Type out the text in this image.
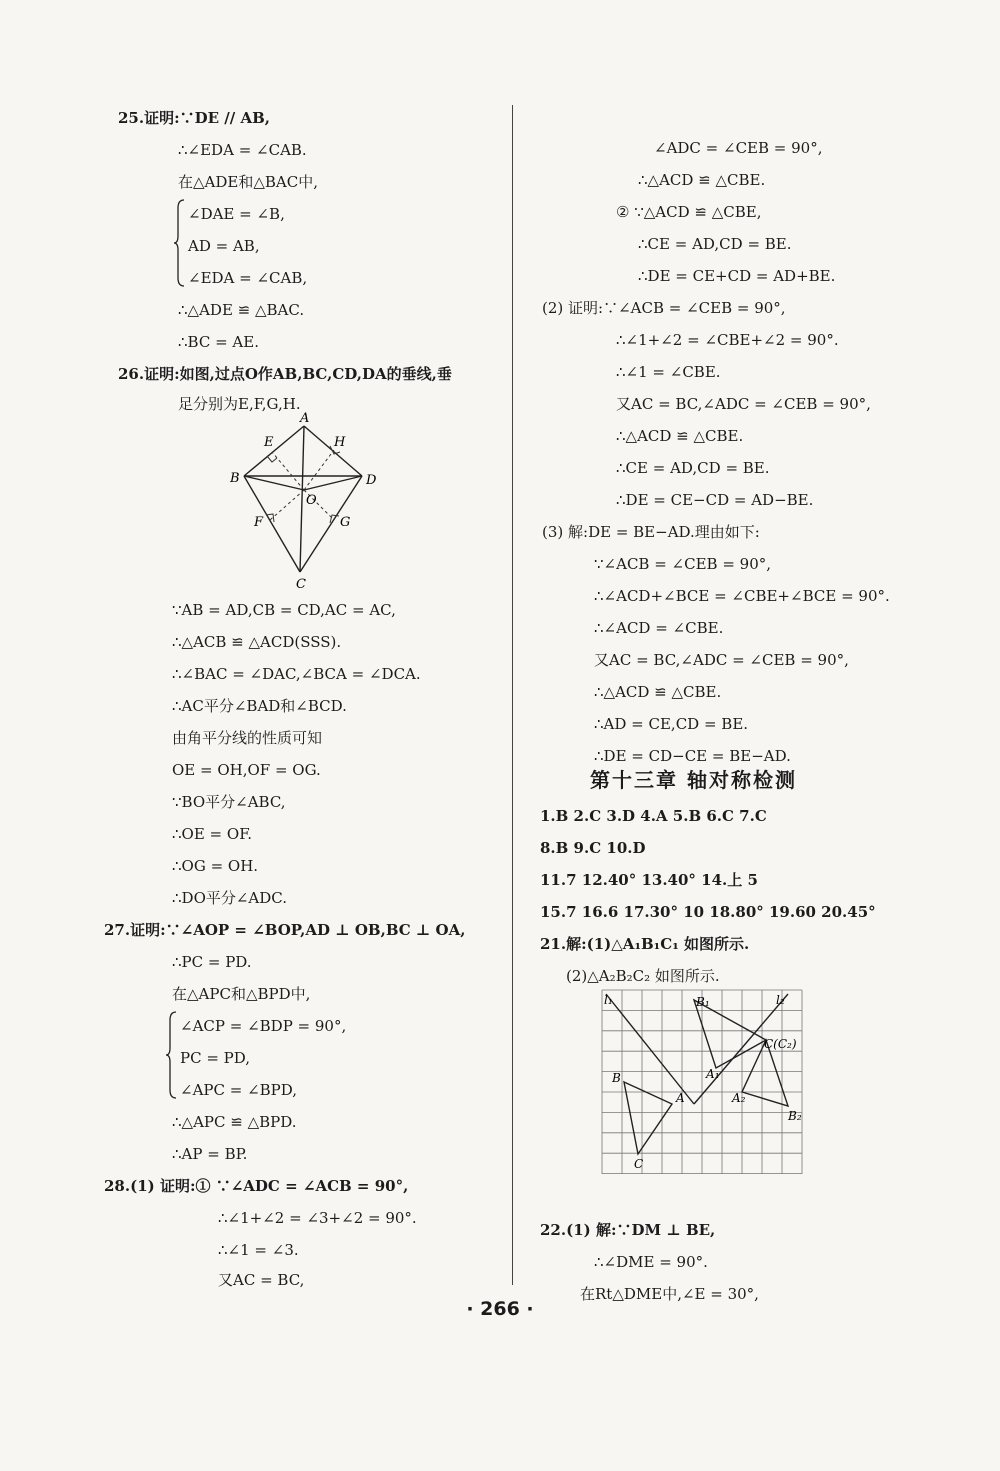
25.证明:∵DE // AB,
∴∠EDA = ∠CAB.
在△ADE和△BAC中,
∠DAE = ∠B,
AD = AB,
∠EDA = ∠CAB,
∴△ADE ≌ △BAC.
∴BC = AE.
26.证明:如图,过点O作AB,BC,CD,DA的垂线,垂
足分别为E,F,G,H.
∵AB = AD,CB = CD,AC = AC,
∴△ACB ≌ △ACD(SSS).
∴∠BAC = ∠DAC,∠BCA = ∠DCA.
∴AC平分∠BAD和∠BCD.
由角平分线的性质可知
OE = OH,OF = OG.
∵BO平分∠ABC,
∴OE = OF.
∴OG = OH.
∴DO平分∠ADC.
27.证明:∵∠AOP = ∠BOP,AD ⊥ OB,BC ⊥ OA,
∴PC = PD.
在△APC和△BPD中,
∠ACP = ∠BDP = 90°,
PC = PD,
∠APC = ∠BPD,
∴△APC ≌ △BPD.
∴AP = BP.
28.(1) 证明:① ∵∠ADC = ∠ACB = 90°,
∴∠1+∠2 = ∠3+∠2 = 90°.
∴∠1 = ∠3.
又AC = BC,
∠ADC = ∠CEB = 90°,
∴△ACD ≌ △CBE.
② ∵△ACD ≌ △CBE,
∴CE = AD,CD = BE.
∴DE = CE+CD = AD+BE.
(2) 证明:∵∠ACB = ∠CEB = 90°,
∴∠1+∠2 = ∠CBE+∠2 = 90°.
∴∠1 = ∠CBE.
又AC = BC,∠ADC = ∠CEB = 90°,
∴△ACD ≌ △CBE.
∴CE = AD,CD = BE.
∴DE = CE−CD = AD−BE.
(3) 解:DE = BE−AD.理由如下:
∵∠ACB = ∠CEB = 90°,
∴∠ACD+∠BCE = ∠CBE+∠BCE = 90°.
∴∠ACD = ∠CBE.
又AC = BC,∠ADC = ∠CEB = 90°,
∴△ACD ≌ △CBE.
∴AD = CE,CD = BE.
∴DE = CD−CE = BE−AD.
1.B 2.C 3.D 4.A 5.B 6.C 7.C
8.B 9.C 10.D
11.7 12.40° 13.40° 14.上 5
15.7 16.6 17.30° 10 18.80° 19.60 20.45°
21.解:(1)△A₁B₁C₁ 如图所示.
(2)△A₂B₂C₂ 如图所示.
22.(1) 解:∵DM ⊥ BE,
∴∠DME = 90°.
在Rt△DME中,∠E = 30°,
A
E	H
B	D
O
F	G
C
第十三章 轴对称检测
l₁	B₁	l₂
C(C₂)
A₁
B
A	A₂
B₂
C
· 266 ·
